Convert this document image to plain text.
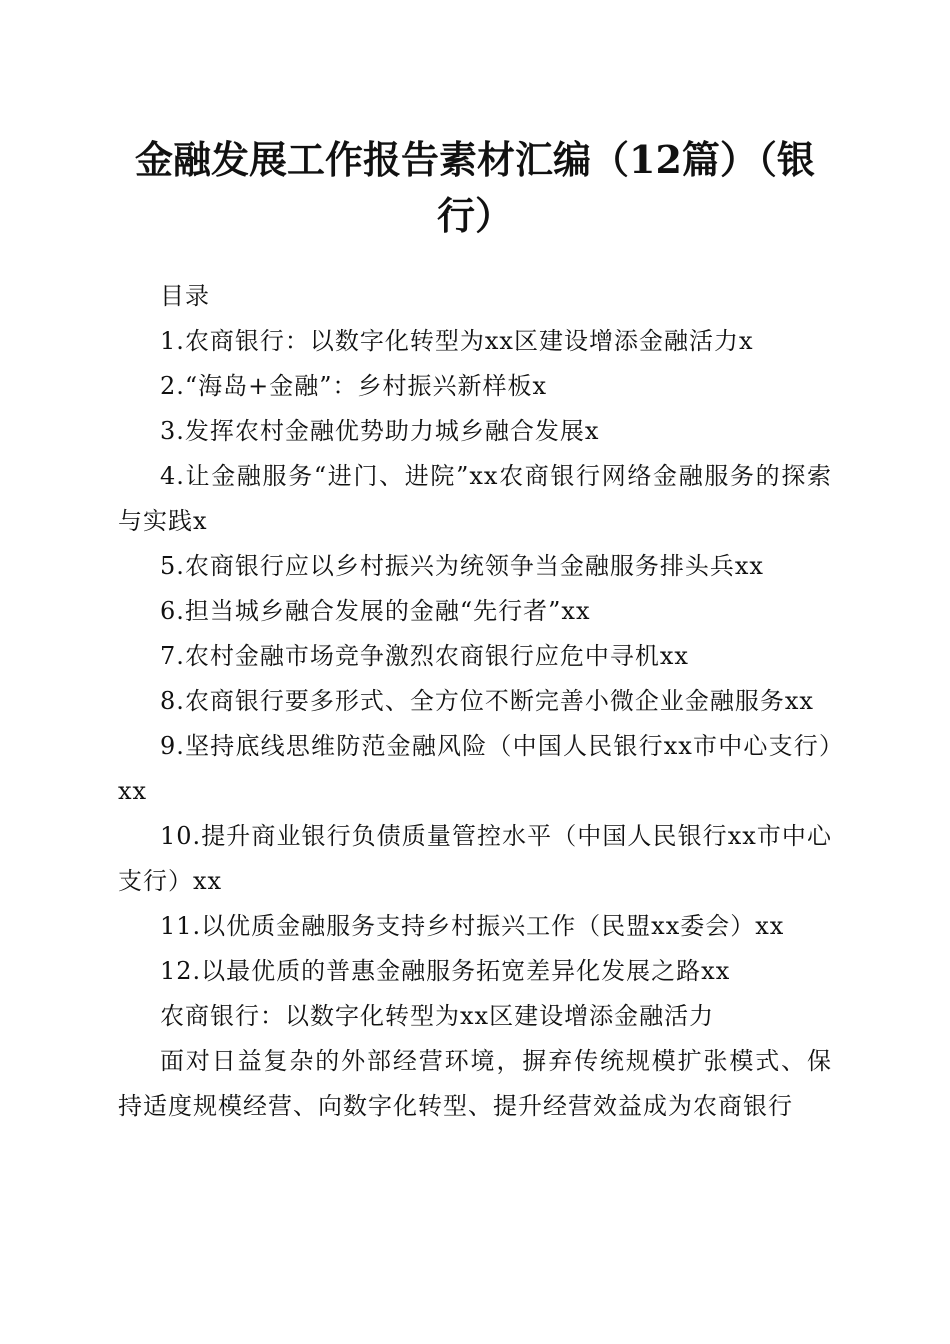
金融发展工作报告素材汇编（12篇）（银行）

目录

1.农商银行：以数字化转型为xx区建设增添金融活力x

2.“海岛+金融”：乡村振兴新样板x

3.发挥农村金融优势助力城乡融合发展x

4.让金融服务“进门、进院”xx农商银行网络金融服务的探索与实践x

5.农商银行应以乡村振兴为统领争当金融服务排头兵xx

6.担当城乡融合发展的金融“先行者”xx

7.农村金融市场竞争激烈农商银行应危中寻机xx

8.农商银行要多形式、全方位不断完善小微企业金融服务xx

9.坚持底线思维防范金融风险（中国人民银行xx市中心支行）xx

10.提升商业银行负债质量管控水平（中国人民银行xx市中心支行）xx

11.以优质金融服务支持乡村振兴工作（民盟xx委会）xx

12.以最优质的普惠金融服务拓宽差异化发展之路xx

农商银行：以数字化转型为xx区建设增添金融活力

面对日益复杂的外部经营环境，摒弃传统规模扩张模式、保持适度规模经营、向数字化转型、提升经营效益成为农商银行
